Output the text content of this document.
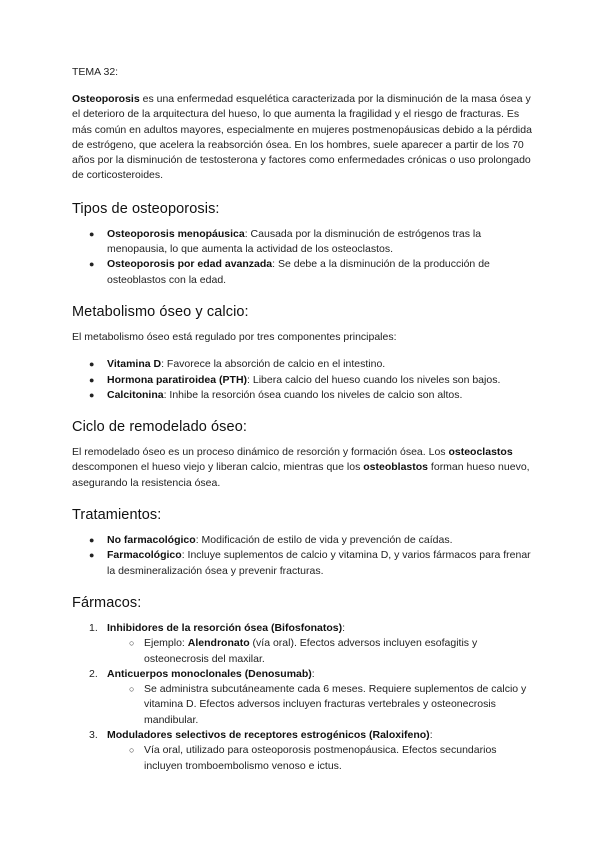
TEMA 32:

Osteoporosis es una enfermedad esquelética caracterizada por la disminución de la masa ósea y el deterioro de la arquitectura del hueso, lo que aumenta la fragilidad y el riesgo de fracturas. Es más común en adultos mayores, especialmente en mujeres postmenopáusicas debido a la pérdida de estrógeno, que acelera la reabsorción ósea. En los hombres, suele aparecer a partir de los 70 años por la disminución de testosterona y factores como enfermedades crónicas o uso prolongado de corticosteroides.

Tipos de osteoporosis:
● Osteoporosis menopáusica: Causada por la disminución de estrógenos tras la menopausia, lo que aumenta la actividad de los osteoclastos.
● Osteoporosis por edad avanzada: Se debe a la disminución de la producción de osteoblastos con la edad.
Metabolismo óseo y calcio:

El metabolismo óseo está regulado por tres componentes principales:

● Vitamina D: Favorece la absorción de calcio en el intestino.
● Hormona paratiroidea (PTH): Libera calcio del hueso cuando los niveles son bajos.
● Calcitonina: Inhibe la resorción ósea cuando los niveles de calcio son altos.
Ciclo de remodelado óseo:

El remodelado óseo es un proceso dinámico de resorción y formación ósea. Los osteoclastos descomponen el hueso viejo y liberan calcio, mientras que los osteoblastos forman hueso nuevo, asegurando la resistencia ósea.

Tratamientos:
● No farmacológico: Modificación de estilo de vida y prevención de caídas.
● Farmacológico: Incluye suplementos de calcio y vitamina D, y varios fármacos para frenar la desmineralización ósea y prevenir fracturas.
Fármacos:
1. Inhibidores de la resorción ósea (Bifosfonatos):
○ Ejemplo: Alendronato (vía oral). Efectos adversos incluyen esofagitis y osteonecrosis del maxilar.
2. Anticuerpos monoclonales (Denosumab):
○ Se administra subcutáneamente cada 6 meses. Requiere suplementos de calcio y vitamina D. Efectos adversos incluyen fracturas vertebrales y osteonecrosis mandibular.
3. Moduladores selectivos de receptores estrogénicos (Raloxifeno):
○ Vía oral, utilizado para osteoporosis postmenopáusica. Efectos secundarios incluyen tromboembolismo venoso e ictus.
